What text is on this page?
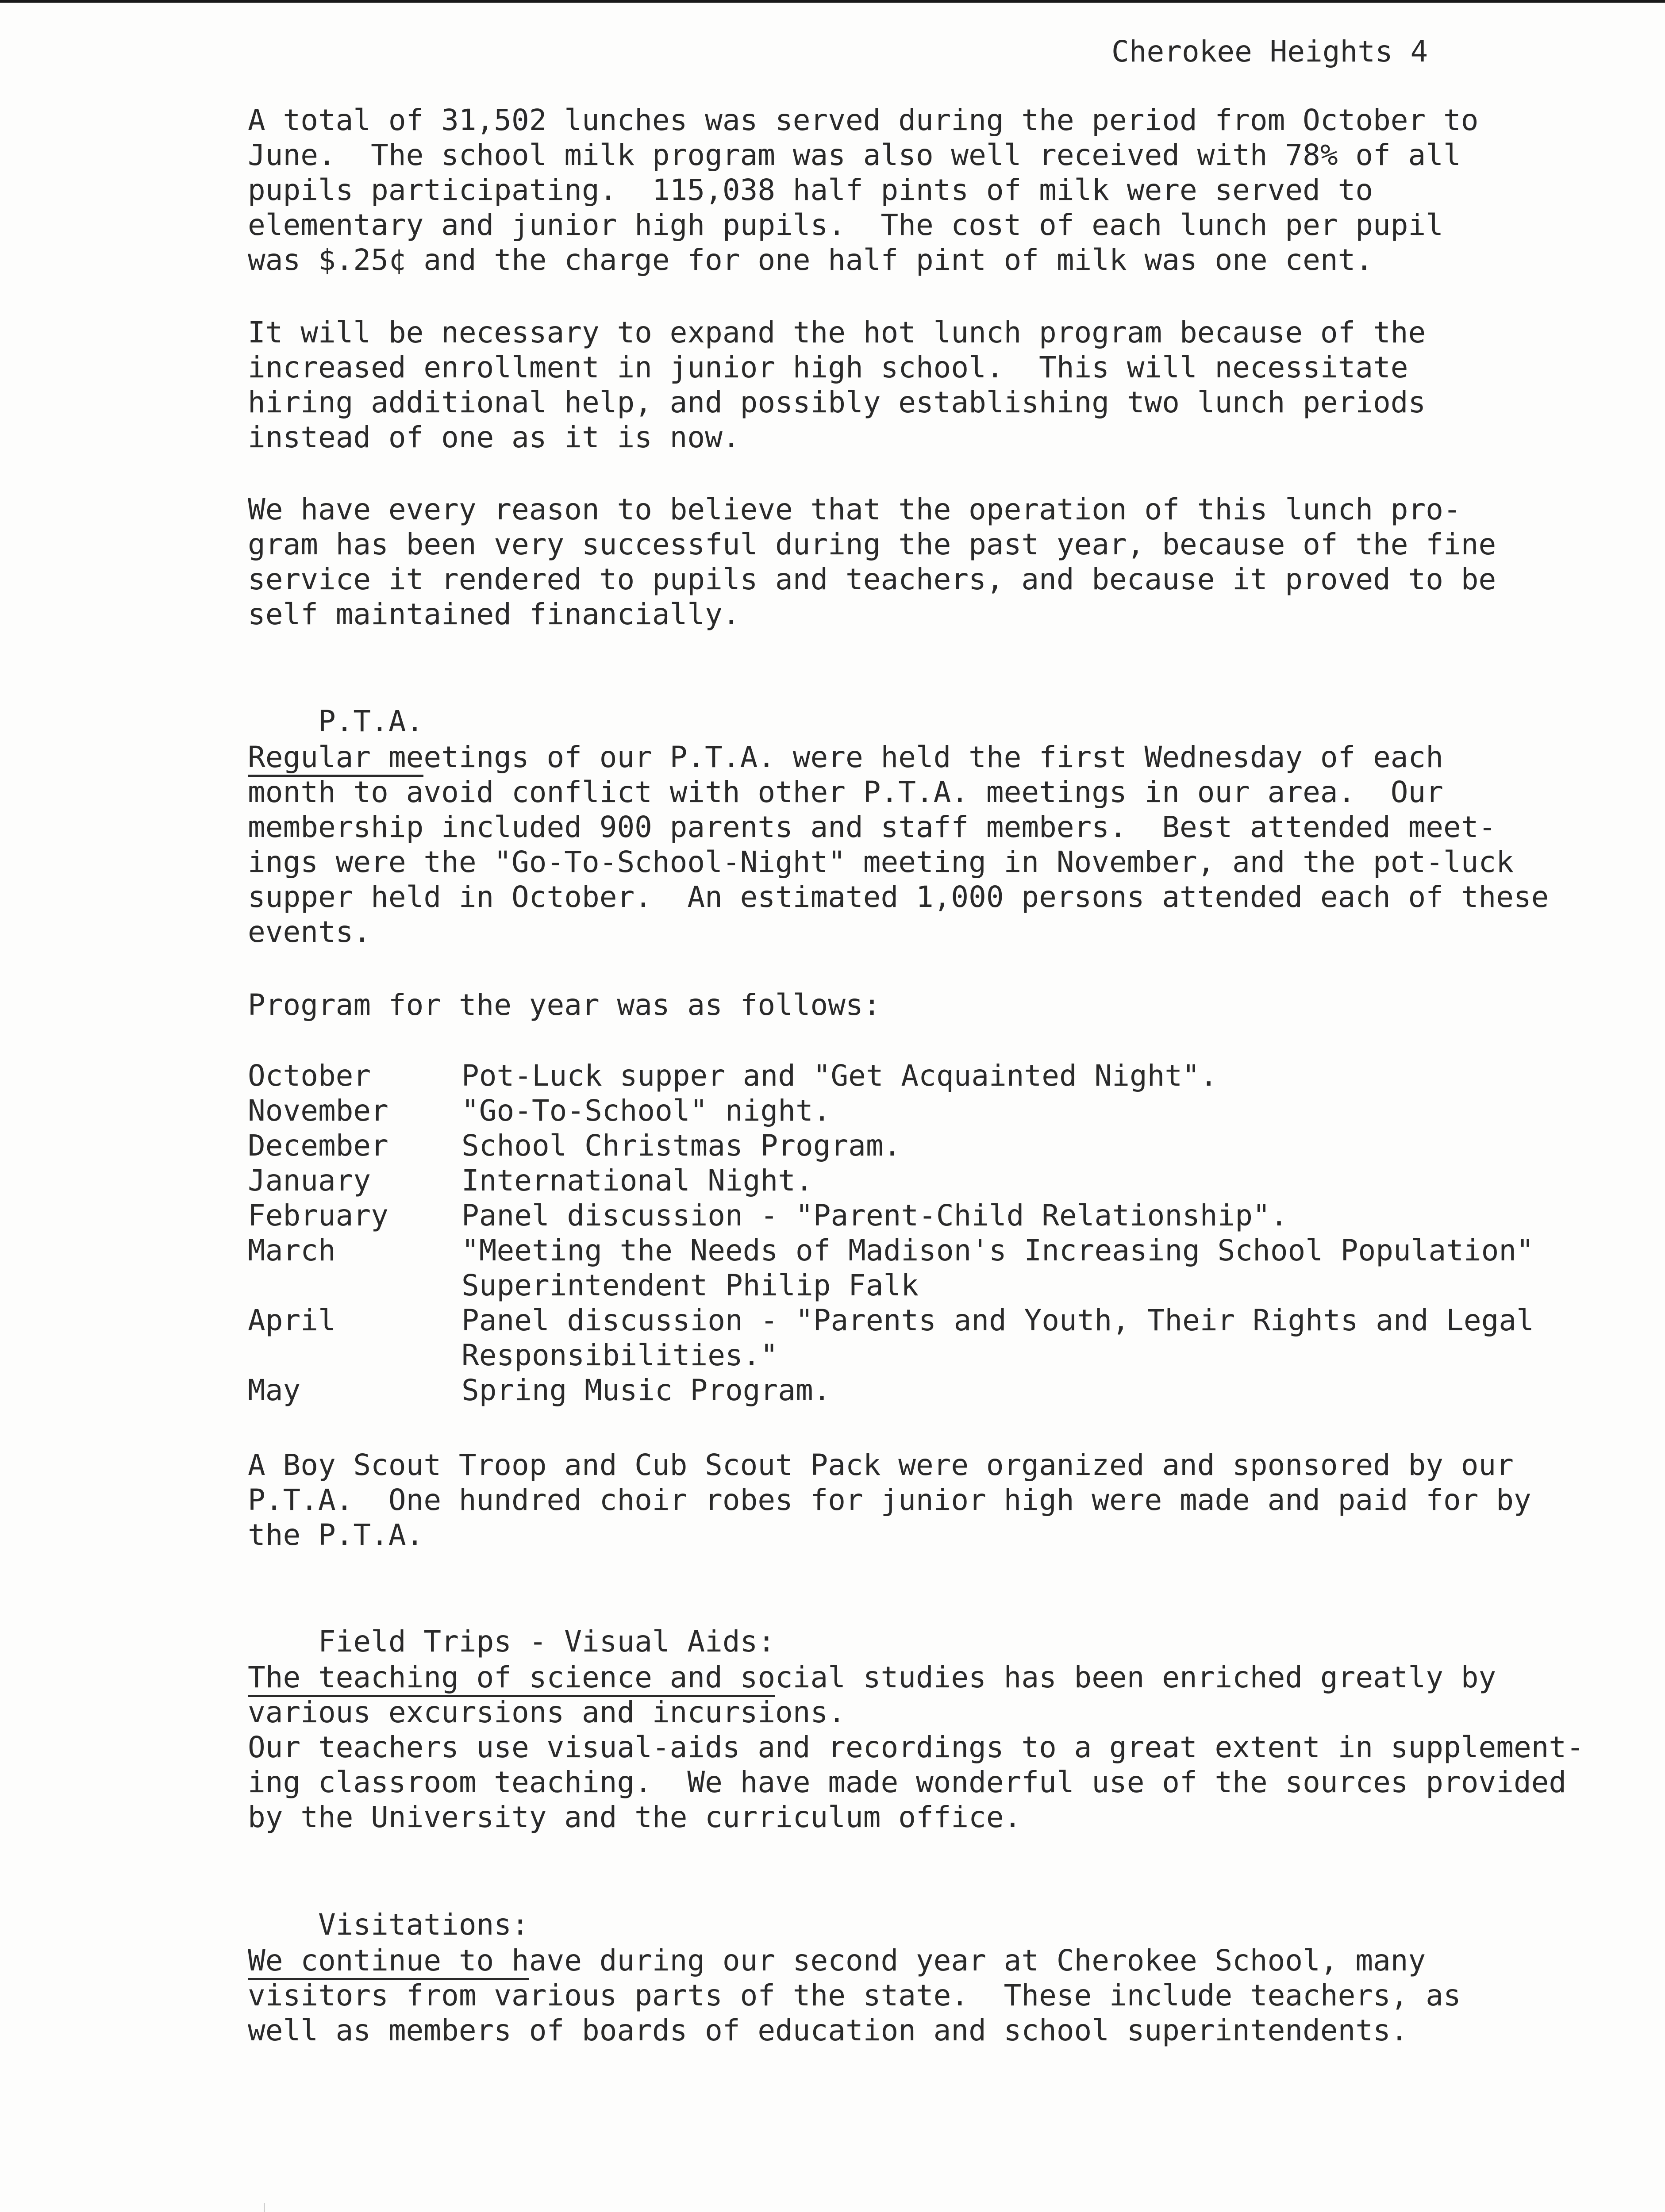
Cherokee Heights 4

A total of 31,502 lunches was served during the period from October to
June.  The school milk program was also well received with 78% of all
pupils participating.  115,038 half pints of milk were served to
elementary and junior high pupils.  The cost of each lunch per pupil
was $.25¢ and the charge for one half pint of milk was one cent.

It will be necessary to expand the hot lunch program because of the
increased enrollment in junior high school.  This will necessitate
hiring additional help, and possibly establishing two lunch periods
instead of one as it is now.

We have every reason to believe that the operation of this lunch pro-
gram has been very successful during the past year, because of the fine
service it rendered to pupils and teachers, and because it proved to be
self maintained financially.

P.T.A.

Regular meetings of our P.T.A. were held the first Wednesday of each
month to avoid conflict with other P.T.A. meetings in our area.  Our
membership included 900 parents and staff members.  Best attended meet-
ings were the "Go-To-School-Night" meeting in November, and the pot-luck
supper held in October.  An estimated 1,000 persons attended each of these
events.

Program for the year was as follows:

October	Pot-Luck supper and "Get Acquainted Night".
November	"Go-To-School" night.
December	School Christmas Program.
January	International Night.
February	Panel discussion - "Parent-Child Relationship".
March	"Meeting the Needs of Madison's Increasing School Population"
Superintendent Philip Falk
April	Panel discussion - "Parents and Youth, Their Rights and Legal
Responsibilities."
May	Spring Music Program.

A Boy Scout Troop and Cub Scout Pack were organized and sponsored by our
P.T.A.  One hundred choir robes for junior high were made and paid for by
the P.T.A.

Field Trips - Visual Aids:

The teaching of science and social studies has been enriched greatly by
various excursions and incursions.
Our teachers use visual-aids and recordings to a great extent in supplement-
ing classroom teaching.  We have made wonderful use of the sources provided
by the University and the curriculum office.

Visitations:

We continue to have during our second year at Cherokee School, many
visitors from various parts of the state.  These include teachers, as
well as members of boards of education and school superintendents.
